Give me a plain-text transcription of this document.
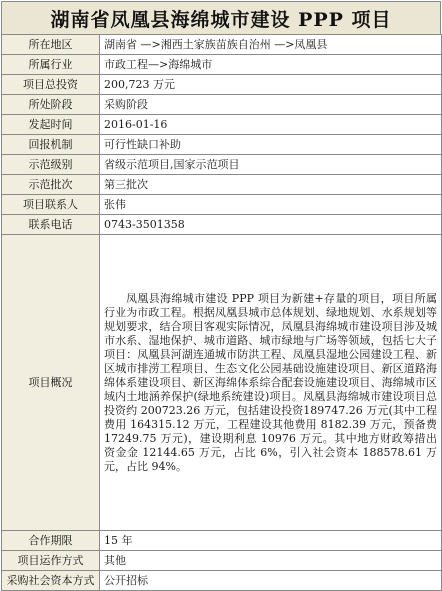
湖南省凤凰县海绵城市建设 PPP 项目
所在地区	湖南省 —>湘西土家族苗族自治州 —>凤凰县
所属行业	市政工程—>海绵城市
项目总投资	200,723 万元
所处阶段	采购阶段
发起时间	2016-01-16
回报机制	可行性缺口补助
示范级别	省级示范项目,国家示范项目
示范批次	第三批次
项目联系人	张伟
联系电话	0743-3501358
项目概况	凤凰县海绵城市建设 PPP 项目为新建+存量的项目，项目所属行业为市政工程。根据凤凰县城市总体规划、绿地规划、水系规划等规划要求，结合项目客观实际情况，凤凰县海绵城市建设项目涉及城市水系、湿地保护、城市道路、城市绿地与广场等领域，包括七大子项目：凤凰县河湖连通城市防洪工程、凤凰县湿地公园建设工程、新区城市排涝工程项目、生态文化公园基础设施建设项目、新区道路海绵体系建设项目、新区海绵体系综合配套设施建设项目、海绵城市区域内土地涵养保护(绿地系统建设)项目。凤凰县海绵城市建设项目总投资约 200723.26 万元，包括建设投资189747.26 万元(其中工程费用 164315.12 万元，工程建设其他费用 8182.39 万元，预备费 17249.75 万元)，建设期利息 10976 万元。其中地方财政筹措出资金金 12144.65 万元，占比 6%，引入社会资本 188578.61 万元，占比 94%。

合作期限	15 年
项目运作方式	其他
采购社会资本方式	公开招标
